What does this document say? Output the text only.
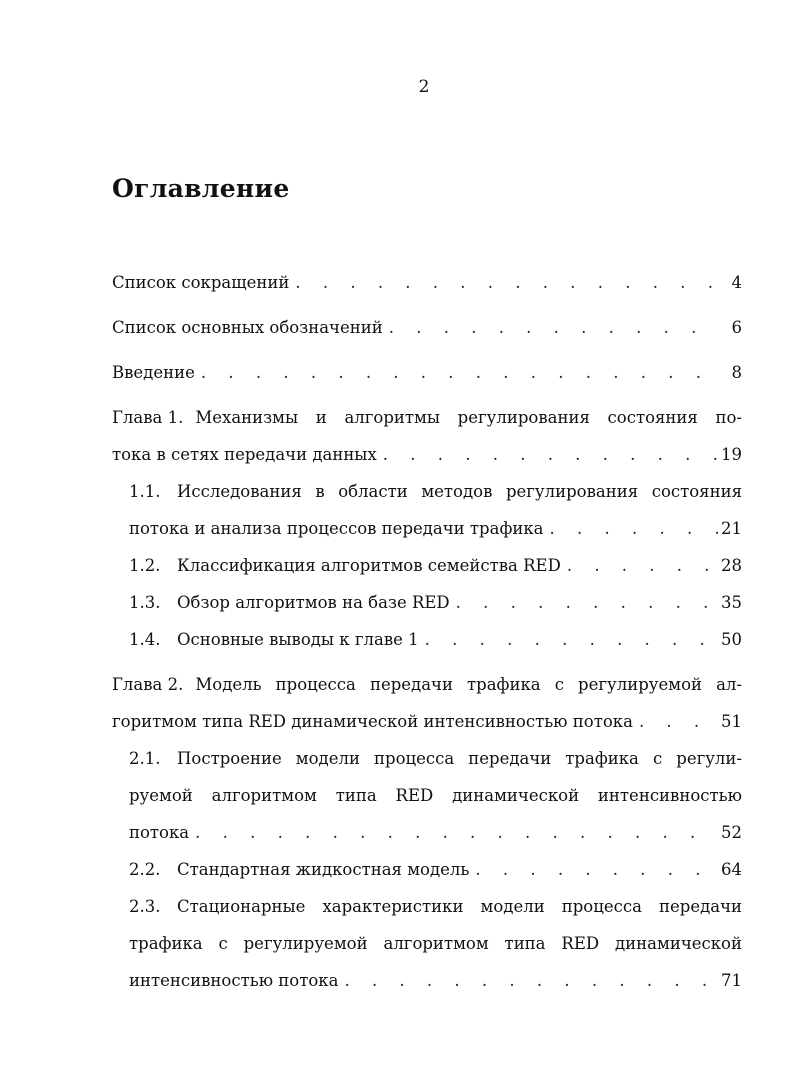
2
Оглавление
Список сокращений . . .	4
Список основных обозначений . . .	6
Введение . . .	8
Глава 1. Механизмы и алгоритмы регулирования состояния по-
тока в сетях передачи данных . . .	19
1.1. Исследования в области методов регулирования состояния
потока и анализа процессов передачи трафика . . .	21
1.2.	Классификация алгоритмов семейства RED . . .	28
1.3.	Обзор алгоритмов на базе RED . . .	35
1.4.	Основные выводы к главе 1 . . .	50
Глава 2. Модель процесса передачи трафика с регулируемой ал-
горитмом типа RED динамической интенсивностью потока . . .	51
2.1. Построение модели процесса передачи трафика с регули-
руемой алгоритмом типа RED динамической интенсивностью
потока . . .	52
2.2.	Стандартная жидкостная модель . . .	64
2.3. Стационарные характеристики модели процесса передачи
трафика с регулируемой алгоритмом типа RED динамической
интенсивностью потока . . .	71
